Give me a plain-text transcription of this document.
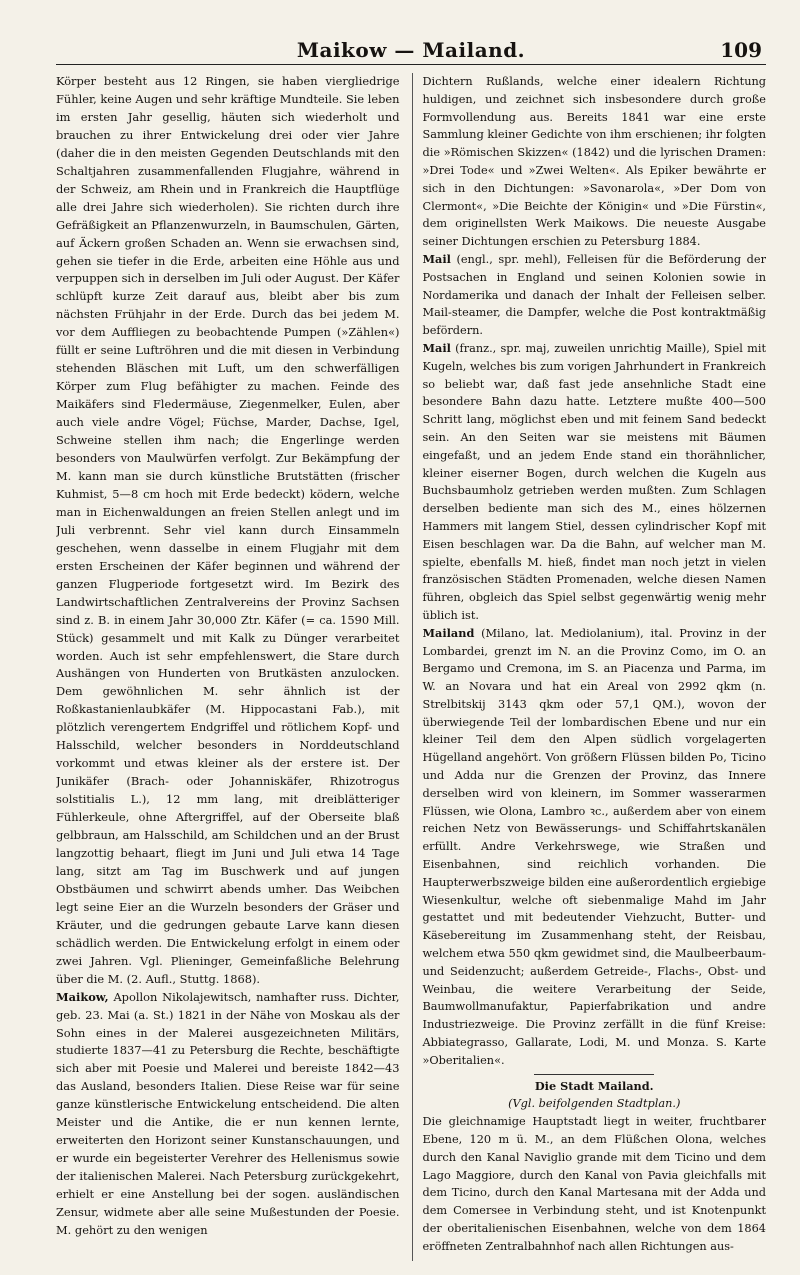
Maikow — Mailand.	109

Körper besteht aus 12 Ringen, sie haben viergliedrige Fühler, keine Augen und sehr kräftige Mundteile. Sie leben im ersten Jahr gesellig, häuten sich wiederholt und brauchen zu ihrer Entwickelung drei oder vier Jahre (daher die in den meisten Gegenden Deutschlands mit den Schaltjahren zusammenfallenden Flugjahre, während in der Schweiz, am Rhein und in Frankreich die Hauptflüge alle drei Jahre sich wiederholen). Sie richten durch ihre Gefräßigkeit an Pflanzenwurzeln, in Baumschulen, Gärten, auf Äckern großen Schaden an. Wenn sie erwachsen sind, gehen sie tiefer in die Erde, arbeiten eine Höhle aus und verpuppen sich in derselben im Juli oder August. Der Käfer schlüpft kurze Zeit darauf aus, bleibt aber bis zum nächsten Frühjahr in der Erde. Durch das bei jedem M. vor dem Auffliegen zu beobachtende Pumpen (»Zählen«) füllt er seine Luftröhren und die mit diesen in Verbindung stehenden Bläschen mit Luft, um den schwerfälligen Körper zum Flug befähigter zu machen. Feinde des Maikäfers sind Fledermäuse, Ziegenmelker, Eulen, aber auch viele andre Vögel; Füchse, Marder, Dachse, Igel, Schweine stellen ihm nach; die Engerlinge werden besonders von Maulwürfen verfolgt. Zur Bekämpfung der M. kann man sie durch künstliche Brutstätten (frischer Kuhmist, 5—8 cm hoch mit Erde bedeckt) ködern, welche man in Eichenwaldungen an freien Stellen anlegt und im Juli verbrennt. Sehr viel kann durch Einsammeln geschehen, wenn dasselbe in einem Flugjahr mit dem ersten Erscheinen der Käfer beginnen und während der ganzen Flugperiode fortgesetzt wird. Im Bezirk des Landwirtschaftlichen Zentralvereins der Provinz Sachsen sind z. B. in einem Jahr 30,000 Ztr. Käfer (= ca. 1590 Mill. Stück) gesammelt und mit Kalk zu Dünger verarbeitet worden. Auch ist sehr empfehlenswert, die Stare durch Aushängen von Hunderten von Brutkästen anzulocken. Dem gewöhnlichen M. sehr ähnlich ist der Roßkastanienlaubkäfer (M. Hippocastani Fab.), mit plötzlich verengertem Endgriffel und rötlichem Kopf- und Halsschild, welcher besonders in Norddeutschland vorkommt und etwas kleiner als der erstere ist. Der Junikäfer (Brach- oder Johanniskäfer, Rhizotrogus solstitialis L.), 12 mm lang, mit dreiblätteriger Fühlerkeule, ohne Aftergriffel, auf der Oberseite blaß gelbbraun, am Halsschild, am Schildchen und an der Brust langzottig behaart, fliegt im Juni und Juli etwa 14 Tage lang, sitzt am Tag im Buschwerk und auf jungen Obstbäumen und schwirrt abends umher. Das Weibchen legt seine Eier an die Wurzeln besonders der Gräser und Kräuter, und die gedrungen gebaute Larve kann diesen schädlich werden. Die Entwickelung erfolgt in einem oder zwei Jahren. Vgl. Plieninger, Gemeinfaßliche Belehrung über die M. (2. Aufl., Stuttg. 1868).

Maikow, Apollon Nikolajewitsch, namhafter russ. Dichter, geb. 23. Mai (a. St.) 1821 in der Nähe von Moskau als der Sohn eines in der Malerei ausgezeichneten Militärs, studierte 1837—41 zu Petersburg die Rechte, beschäftigte sich aber mit Poesie und Malerei und bereiste 1842—43 das Ausland, besonders Italien. Diese Reise war für seine ganze künstlerische Entwickelung entscheidend. Die alten Meister und die Antike, die er nun kennen lernte, erweiterten den Horizont seiner Kunstanschauungen, und er wurde ein begeisterter Verehrer des Hellenismus sowie der italienischen Malerei. Nach Petersburg zurückgekehrt, erhielt er eine Anstellung bei der sogen. ausländischen Zensur, widmete aber alle seine Mußestunden der Poesie. M. gehört zu den wenigen

Dichtern Rußlands, welche einer idealern Richtung huldigen, und zeichnet sich insbesondere durch große Formvollendung aus. Bereits 1841 war eine erste Sammlung kleiner Gedichte von ihm erschienen; ihr folgten die »Römischen Skizzen« (1842) und die lyrischen Dramen: »Drei Tode« und »Zwei Welten«. Als Epiker bewährte er sich in den Dichtungen: »Savonarola«, »Der Dom von Clermont«, »Die Beichte der Königin« und »Die Fürstin«, dem originellsten Werk Maikows. Die neueste Ausgabe seiner Dichtungen erschien zu Petersburg 1884.

Mail (engl., spr. mehl), Felleisen für die Beförderung der Postsachen in England und seinen Kolonien sowie in Nordamerika und danach der Inhalt der Felleisen selber. Mail-steamer, die Dampfer, welche die Post kontraktmäßig befördern.

Mail (franz., spr. maj, zuweilen unrichtig Maille), Spiel mit Kugeln, welches bis zum vorigen Jahrhundert in Frankreich so beliebt war, daß fast jede ansehnliche Stadt eine besondere Bahn dazu hatte. Letztere mußte 400—500 Schritt lang, möglichst eben und mit feinem Sand bedeckt sein. An den Seiten war sie meistens mit Bäumen eingefaßt, und an jedem Ende stand ein thorähnlicher, kleiner eiserner Bogen, durch welchen die Kugeln aus Buchsbaumholz getrieben werden mußten. Zum Schlagen derselben bediente man sich des M., eines hölzernen Hammers mit langem Stiel, dessen cylindrischer Kopf mit Eisen beschlagen war. Da die Bahn, auf welcher man M. spielte, ebenfalls M. hieß, findet man noch jetzt in vielen französischen Städten Promenaden, welche diesen Namen führen, obgleich das Spiel selbst gegenwärtig wenig mehr üblich ist.

Mailand (Milano, lat. Mediolanium), ital. Provinz in der Lombardei, grenzt im N. an die Provinz Como, im O. an Bergamo und Cremona, im S. an Piacenza und Parma, im W. an Novara und hat ein Areal von 2992 qkm (n. Strelbitskij 3143 qkm oder 57,1 QM.), wovon der überwiegende Teil der lombardischen Ebene und nur ein kleiner Teil dem den Alpen südlich vorgelagerten Hügelland angehört. Von größern Flüssen bilden Po, Ticino und Adda nur die Grenzen der Provinz, das Innere derselben wird von kleinern, im Sommer wasserarmen Flüssen, wie Olona, Lambro ꝛc., außerdem aber von einem reichen Netz von Bewässerungs- und Schiffahrtskanälen erfüllt. Andre Verkehrswege, wie Straßen und Eisenbahnen, sind reichlich vorhanden. Die Haupterwerbszweige bilden eine außerordentlich ergiebige Wiesenkultur, welche oft siebenmalige Mahd im Jahr gestattet und mit bedeutender Viehzucht, Butter- und Käsebereitung im Zusammenhang steht, der Reisbau, welchem etwa 550 qkm gewidmet sind, die Maulbeerbaum- und Seidenzucht; außerdem Getreide-, Flachs-, Obst- und Weinbau, die weitere Verarbeitung der Seide, Baumwollmanufaktur, Papierfabrikation und andre Industriezweige. Die Provinz zerfällt in die fünf Kreise: Abbiategrasso, Gallarate, Lodi, M. und Monza. S. Karte »Oberitalien«.

Die Stadt Mailand.
(Vgl. beifolgenden Stadtplan.)

Die gleichnamige Hauptstadt liegt in weiter, fruchtbarer Ebene, 120 m ü. M., an dem Flüßchen Olona, welches durch den Kanal Naviglio grande mit dem Ticino und dem Lago Maggiore, durch den Kanal von Pavia gleichfalls mit dem Ticino, durch den Kanal Martesana mit der Adda und dem Comersee in Verbindung steht, und ist Knotenpunkt der oberitalienischen Eisenbahnen, welche von dem 1864 eröffneten Zentralbahnhof nach allen Richtungen aus-
